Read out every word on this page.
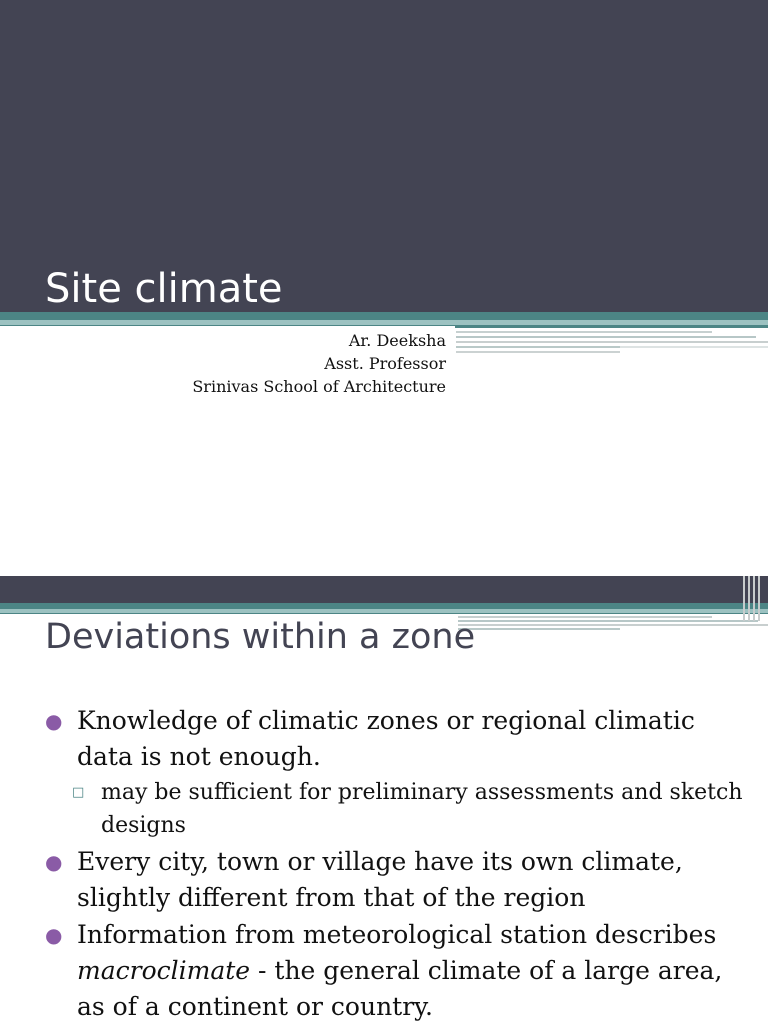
Site climate
Ar. Deeksha
Asst. Professor
Srinivas School of Architecture
Deviations within a zone
● Knowledge of climatic zones or regional climatic data is not enough.
□ may be sufficient for preliminary assessments and sketch designs
● Every city, town or village have its own climate, slightly different from that of the region
● Information from meteorological station describes macroclimate - the general climate of a large area, as of a continent or country.
